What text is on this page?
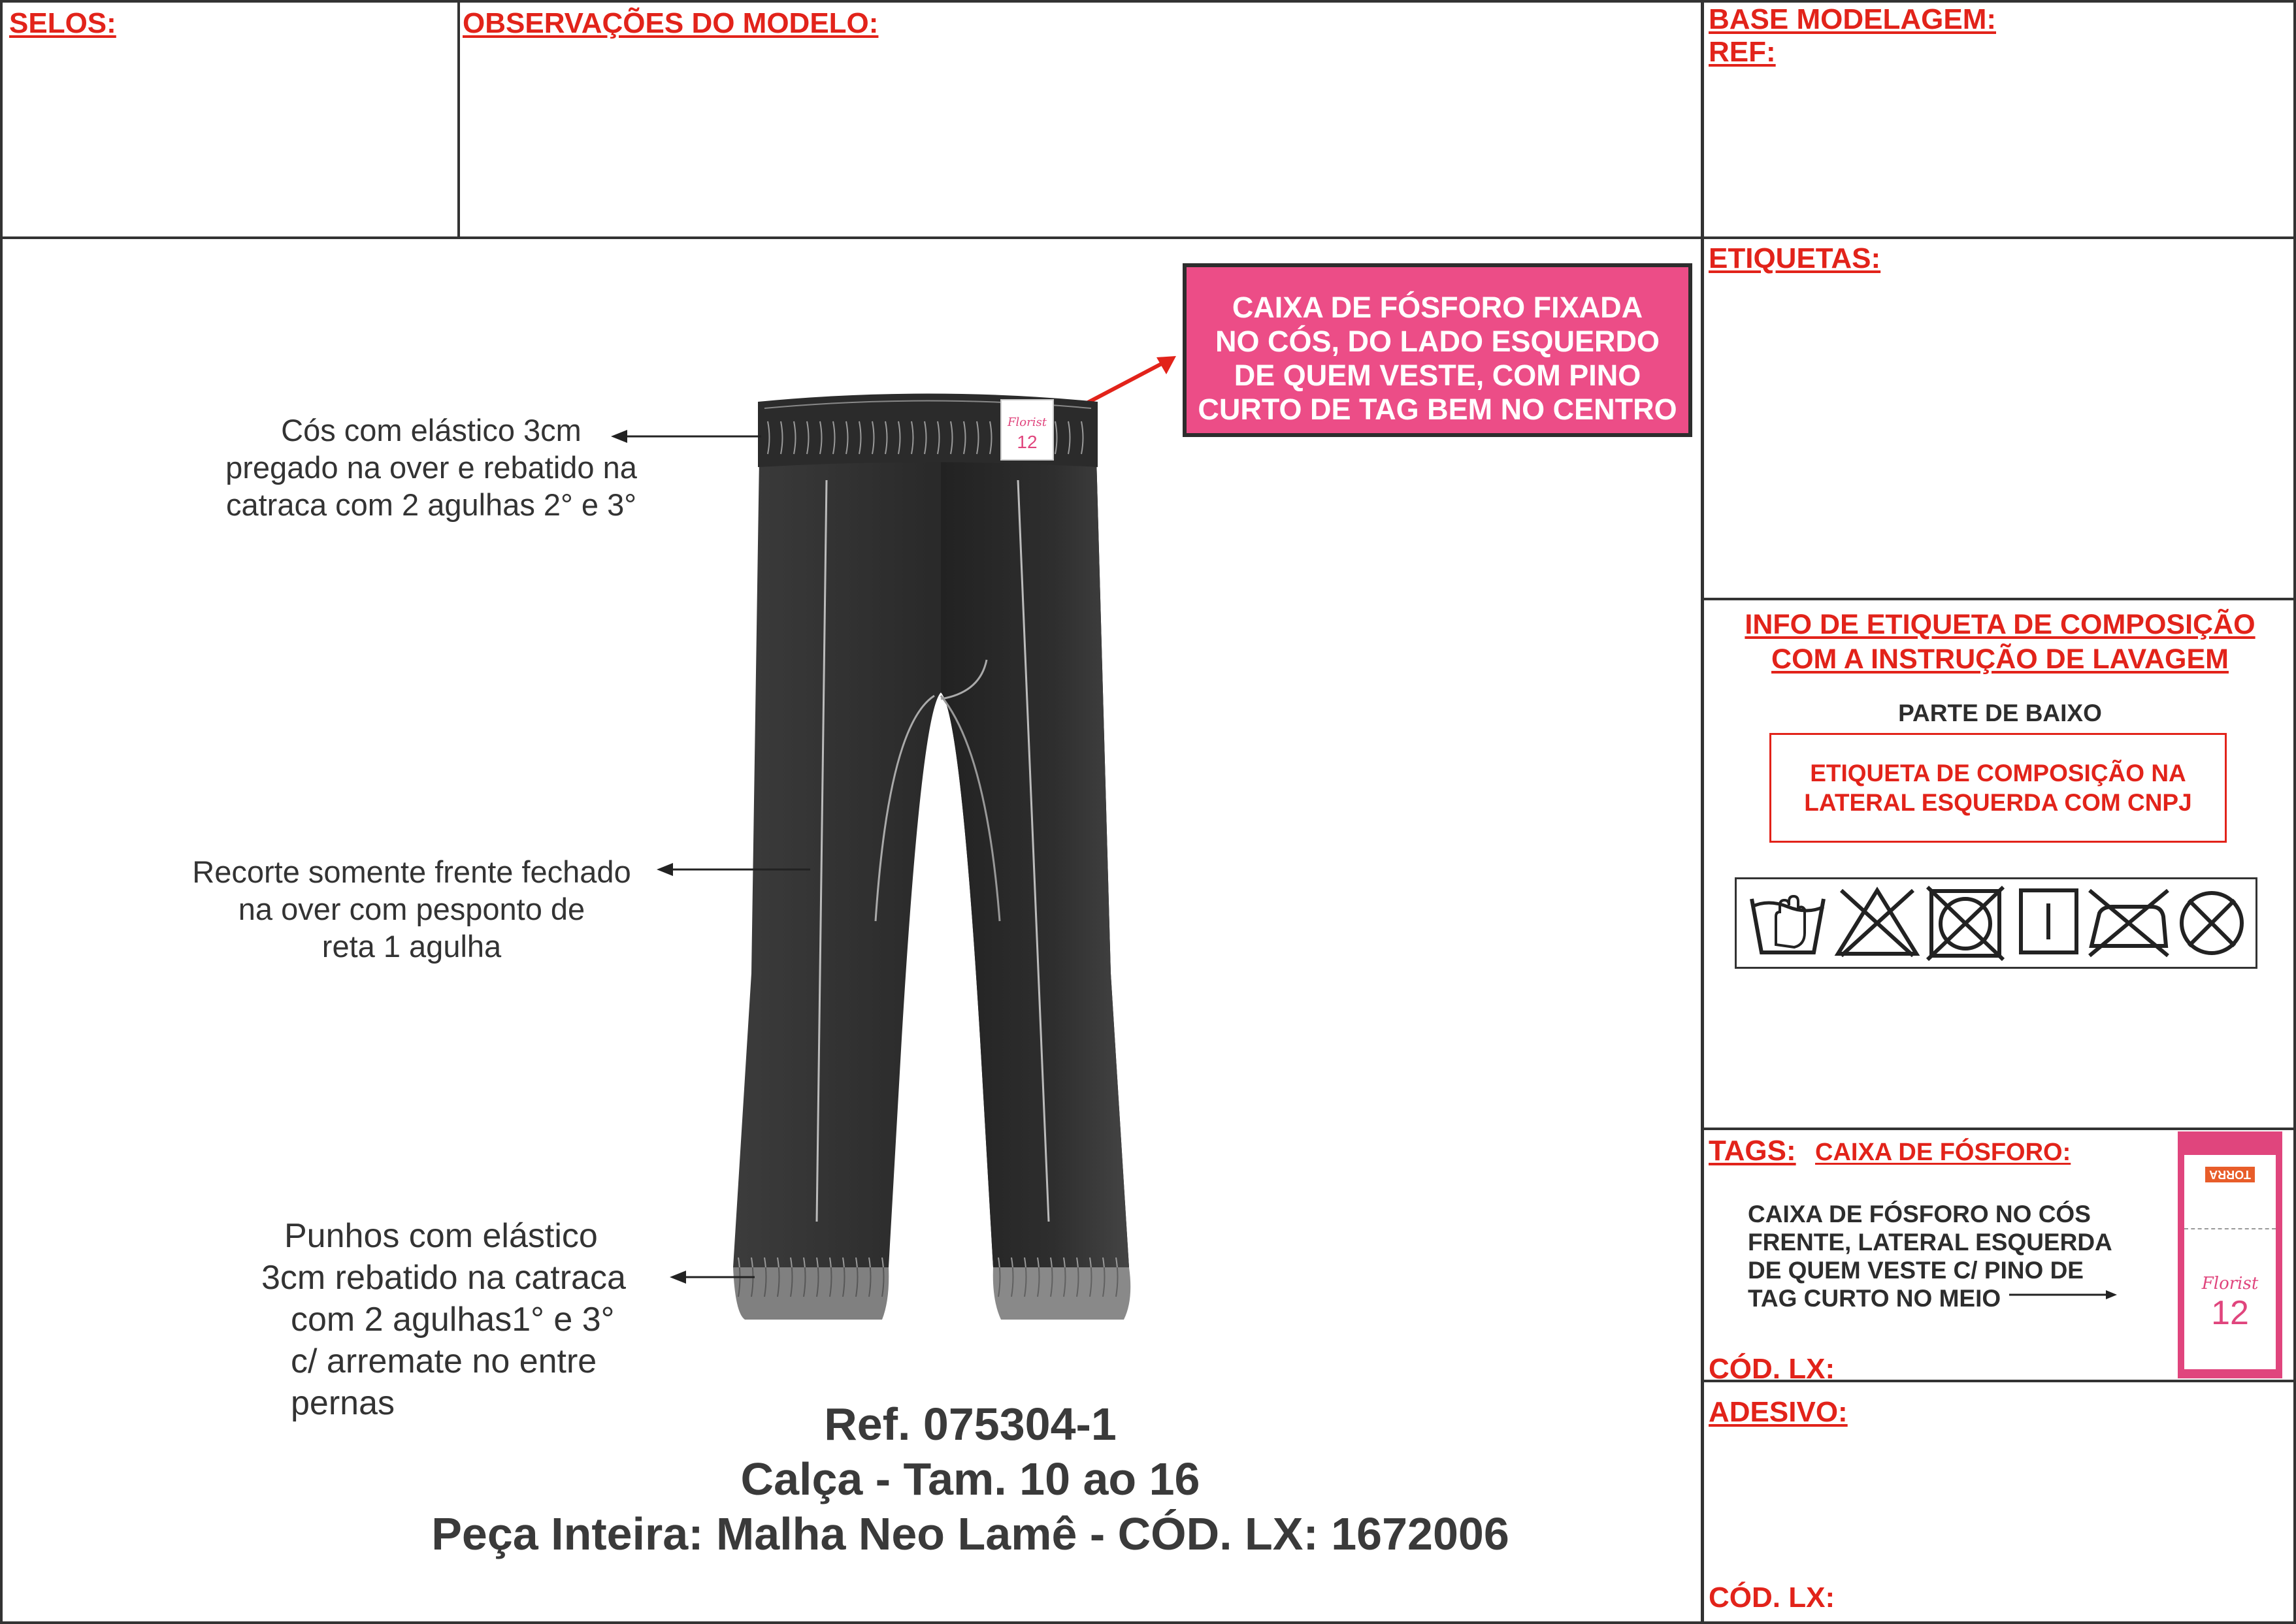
SELOS:	OBSERVAÇÕES DO MODELO:	BASE MODELAGEM:
REF:
ETIQUETAS:
INFO DE ETIQUETA DE COMPOSIÇÃO
COM A INSTRUÇÃO DE LAVAGEM
PARTE DE BAIXO
ETIQUETA DE COMPOSIÇÃO NA
LATERAL ESQUERDA COM CNPJ
TAGS: CAIXA DE FÓSFORO:
CAIXA DE FÓSFORO NO CÓS
FRENTE, LATERAL ESQUERDA
DE QUEM VESTE C/ PINO DE
TAG CURTO NO MEIO
TORRA
Florist
12
CÓD. LX:
ADESIVO:
CÓD. LX:
CAIXA DE FÓSFORO FIXADA
NO CÓS, DO LADO ESQUERDO
DE QUEM VESTE, COM PINO
CURTO DE TAG BEM NO CENTRO
Florist
12
Cós com elástico 3cm
pregado na over e rebatido na
catraca com 2 agulhas 2° e 3°
Recorte somente frente fechado
na over com pesponto de
reta 1 agulha
Punhos com elástico
3cm rebatido na catraca
com 2 agulhas1° e 3°
c/ arremate no entre
pernas	Ref. 075304-1
Calça - Tam. 10 ao 16
Peça Inteira: Malha Neo Lamê - CÓD. LX: 1672006
